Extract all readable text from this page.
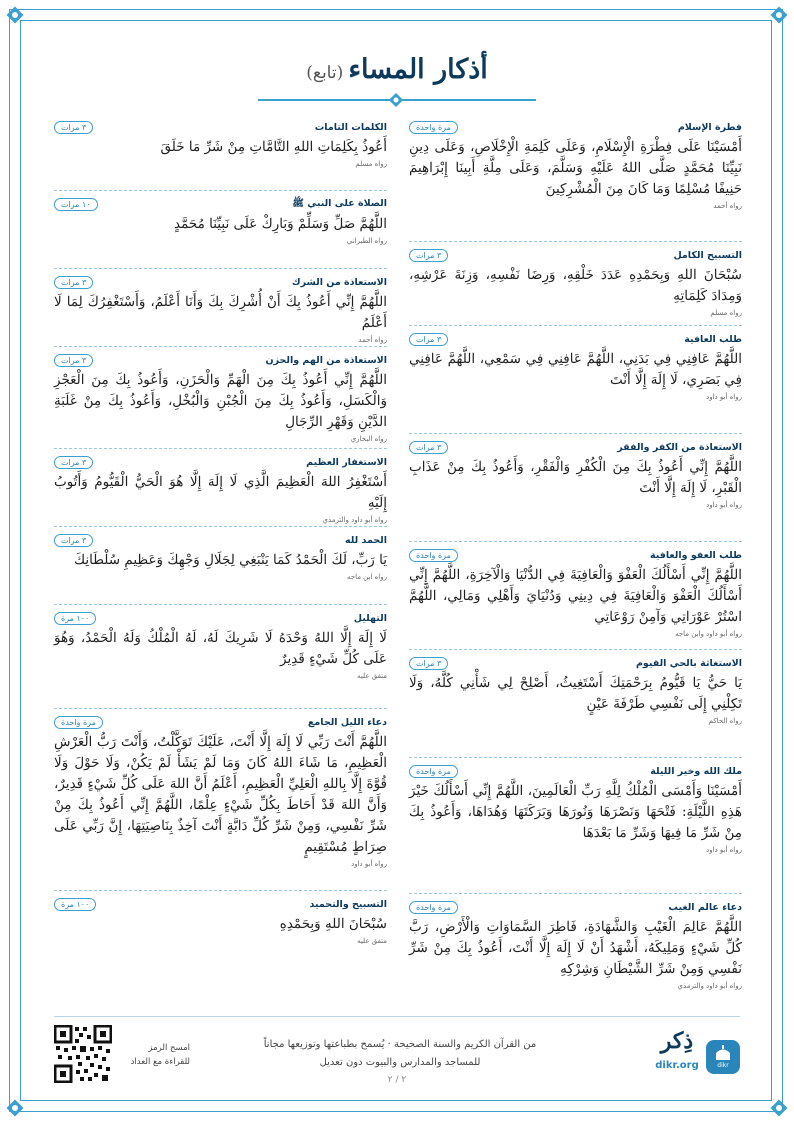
أذكار المساء (تابع)
فطرة الإسلام
مرة واحدة
أَمْسَيْنَا عَلَى فِطْرَةِ الْإِسْلَامِ، وَعَلَى كَلِمَةِ الْإِخْلَاصِ، وَعَلَى دِينِ نَبِيِّنَا مُحَمَّدٍ صَلَّى اللهُ عَلَيْهِ وَسَلَّمَ، وَعَلَى مِلَّةِ أَبِينَا إِبْرَاهِيمَ حَنِيفًا مُسْلِمًا وَمَا كَانَ مِنَ الْمُشْرِكِينَ
رواه أحمد
التسبيح الكامل
٣ مرات
سُبْحَانَ اللهِ وَبِحَمْدِهِ عَدَدَ خَلْقِهِ، وَرِضَا نَفْسِهِ، وَزِنَةَ عَرْشِهِ، وَمِدَادَ كَلِمَاتِهِ
رواه مسلم
طلب العافية
٣ مرات
اللَّهُمَّ عَافِنِي فِي بَدَنِي، اللَّهُمَّ عَافِنِي فِي سَمْعِي، اللَّهُمَّ عَافِنِي فِي بَصَرِي، لَا إِلَهَ إِلَّا أَنْتَ
رواه أبو داود
الاستعاذة من الكفر والفقر
٣ مرات
اللَّهُمَّ إِنِّي أَعُوذُ بِكَ مِنَ الْكُفْرِ وَالْفَقْرِ، وَأَعُوذُ بِكَ مِنْ عَذَابِ الْقَبْرِ، لَا إِلَهَ إِلَّا أَنْتَ
رواه أبو داود
طلب العفو والعافية
مرة واحدة
اللَّهُمَّ إِنِّي أَسْأَلُكَ الْعَفْوَ وَالْعَافِيَةَ فِي الدُّنْيَا وَالْآخِرَةِ، اللَّهُمَّ إِنِّي أَسْأَلُكَ الْعَفْوَ وَالْعَافِيَةَ فِي دِينِي وَدُنْيَايَ وَأَهْلِي وَمَالِي، اللَّهُمَّ اسْتُرْ عَوْرَاتِي وَآمِنْ رَوْعَاتِي
رواه أبو داود وابن ماجه
الاستغاثة بالحي القيوم
٣ مرات
يَا حَيُّ يَا قَيُّومُ بِرَحْمَتِكَ أَسْتَغِيثُ، أَصْلِحْ لِي شَأْنِي كُلَّهُ، وَلَا تَكِلْنِي إِلَى نَفْسِي طَرْفَةَ عَيْنٍ
رواه الحاكم
ملك الله وخير الليلة
مرة واحدة
أَمْسَيْنَا وَأَمْسَى الْمُلْكُ لِلَّهِ رَبِّ الْعَالَمِينَ، اللَّهُمَّ إِنِّي أَسْأَلُكَ خَيْرَ هَذِهِ اللَّيْلَةِ: فَتْحَهَا وَنَصْرَهَا وَنُورَهَا وَبَرَكَتَهَا وَهُدَاهَا، وَأَعُوذُ بِكَ مِنْ شَرِّ مَا فِيهَا وَشَرِّ مَا بَعْدَهَا
رواه أبو داود
دعاء عالم الغيب
مرة واحدة
اللَّهُمَّ عَالِمَ الْغَيْبِ وَالشَّهَادَةِ، فَاطِرَ السَّمَاوَاتِ وَالْأَرْضِ، رَبَّ كُلِّ شَيْءٍ وَمَلِيكَهُ، أَشْهَدُ أَنْ لَا إِلَهَ إِلَّا أَنْتَ، أَعُوذُ بِكَ مِنْ شَرِّ نَفْسِي وَمِنْ شَرِّ الشَّيْطَانِ وَشِرْكِهِ
رواه أبو داود والترمذي
الكلمات التامات
٣ مرات
أَعُوذُ بِكَلِمَاتِ اللهِ التَّامَّاتِ مِنْ شَرِّ مَا خَلَقَ
رواه مسلم
الصلاة على النبي ﷺ
١٠ مرات
اللَّهُمَّ صَلِّ وَسَلِّمْ وَبَارِكْ عَلَى نَبِيِّنَا مُحَمَّدٍ
رواه الطبراني
الاستعاذة من الشرك
٣ مرات
اللَّهُمَّ إِنِّي أَعُوذُ بِكَ أَنْ أُشْرِكَ بِكَ وَأَنَا أَعْلَمُ، وَأَسْتَغْفِرُكَ لِمَا لَا أَعْلَمُ
رواه أحمد
الاستعاذة من الهم والحزن
٣ مرات
اللَّهُمَّ إِنِّي أَعُوذُ بِكَ مِنَ الْهَمِّ وَالْحَزَنِ، وَأَعُوذُ بِكَ مِنَ الْعَجْزِ وَالْكَسَلِ، وَأَعُوذُ بِكَ مِنَ الْجُبْنِ وَالْبُخْلِ، وَأَعُوذُ بِكَ مِنْ غَلَبَةِ الدَّيْنِ وَقَهْرِ الرِّجَالِ
رواه البخاري
الاستغفار العظيم
٣ مرات
أَسْتَغْفِرُ اللهَ الْعَظِيمَ الَّذِي لَا إِلَهَ إِلَّا هُوَ الْحَيُّ الْقَيُّومُ وَأَتُوبُ إِلَيْهِ
رواه أبو داود والترمذي
الحمد لله
٣ مرات
يَا رَبِّ، لَكَ الْحَمْدُ كَمَا يَنْبَغِي لِجَلَالِ وَجْهِكَ وَعَظِيمِ سُلْطَانِكَ
رواه ابن ماجه
التهليل
١٠٠ مرة
لَا إِلَهَ إِلَّا اللهُ وَحْدَهُ لَا شَرِيكَ لَهُ، لَهُ الْمُلْكُ وَلَهُ الْحَمْدُ، وَهُوَ عَلَى كُلِّ شَيْءٍ قَدِيرٌ
متفق عليه
دعاء الليل الجامع
مرة واحدة
اللَّهُمَّ أَنْتَ رَبِّي لَا إِلَهَ إِلَّا أَنْتَ، عَلَيْكَ تَوَكَّلْتُ، وَأَنْتَ رَبُّ الْعَرْشِ الْعَظِيمِ، مَا شَاءَ اللهُ كَانَ وَمَا لَمْ يَشَأْ لَمْ يَكُنْ، وَلَا حَوْلَ وَلَا قُوَّةَ إِلَّا بِاللهِ الْعَلِيِّ الْعَظِيمِ، أَعْلَمُ أَنَّ اللهَ عَلَى كُلِّ شَيْءٍ قَدِيرٌ، وَأَنَّ اللهَ قَدْ أَحَاطَ بِكُلِّ شَيْءٍ عِلْمًا، اللَّهُمَّ إِنِّي أَعُوذُ بِكَ مِنْ شَرِّ نَفْسِي، وَمِنْ شَرِّ كُلِّ دَابَّةٍ أَنْتَ آخِذٌ بِنَاصِيَتِهَا، إِنَّ رَبِّي عَلَى صِرَاطٍ مُسْتَقِيمٍ
رواه أبو داود
التسبيح والتحميد
١٠٠ مرة
سُبْحَانَ اللهِ وَبِحَمْدِهِ
متفق عليه
امسح الرمز
للقراءة مع العداد
من القرآن الكريم والسنة الصحيحة · يُسمح بطباعتها وتوزيعها مجاناً
للمساجد والمدارس والبيوت دون تعديل
٢ / ٢
ذِكر
dikr.org	dikr
